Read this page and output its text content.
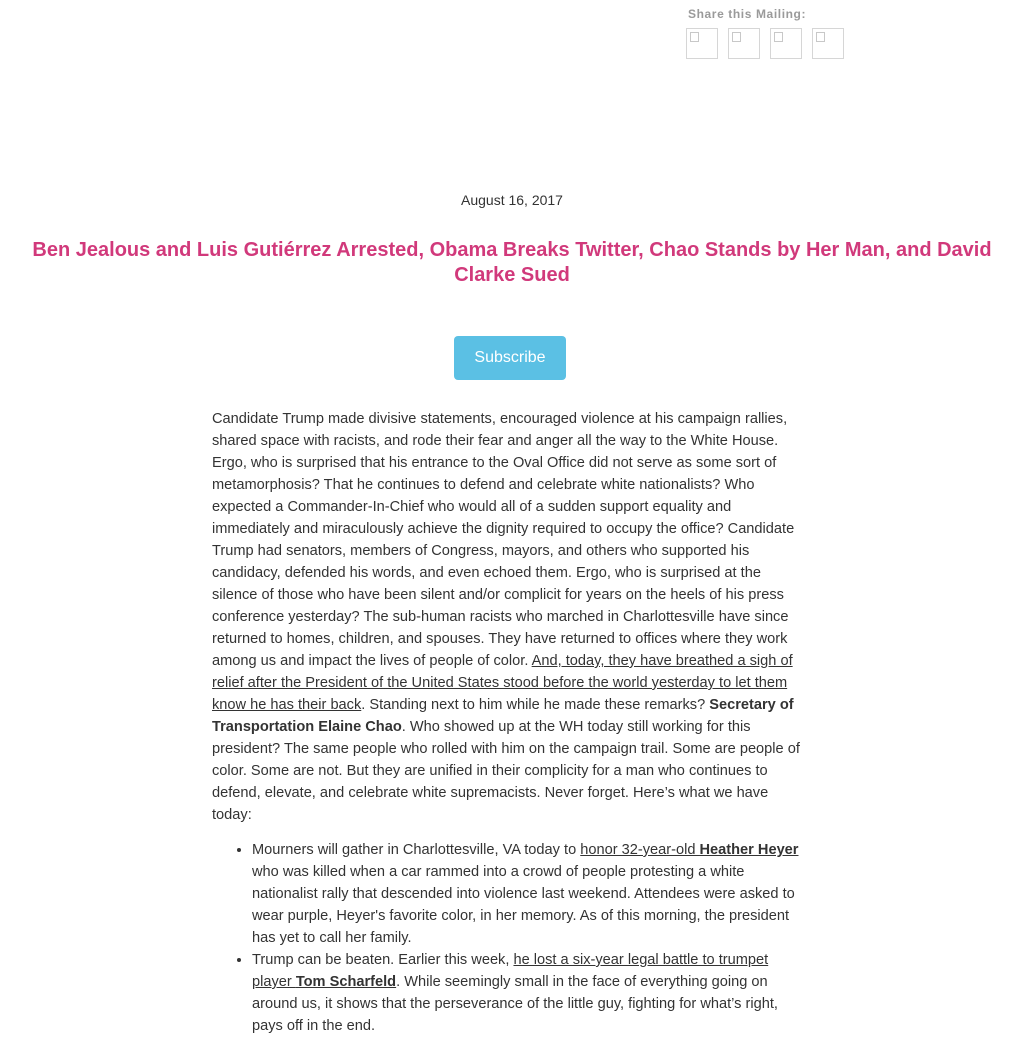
Share this Mailing:
August 16, 2017
Ben Jealous and Luis Gutiérrez Arrested, Obama Breaks Twitter, Chao Stands by Her Man, and David Clarke Sued
Subscribe

Candidate Trump made divisive statements, encouraged violence at his campaign rallies, shared space with racists, and rode their fear and anger all the way to the White House. Ergo, who is surprised that his entrance to the Oval Office did not serve as some sort of metamorphosis? That he continues to defend and celebrate white nationalists? Who expected a Commander-In-Chief who would all of a sudden support equality and immediately and miraculously achieve the dignity required to occupy the office? Candidate Trump had senators, members of Congress, mayors, and others who supported his candidacy, defended his words, and even echoed them. Ergo, who is surprised at the silence of those who have been silent and/or complicit for years on the heels of his press conference yesterday? The sub-human racists who marched in Charlottesville have since returned to homes, children, and spouses. They have returned to offices where they work among us and impact the lives of people of color. And, today, they have breathed a sigh of relief after the President of the United States stood before the world yesterday to let them know he has their back. Standing next to him while he made these remarks? Secretary of Transportation Elaine Chao. Who showed up at the WH today still working for this president? The same people who rolled with him on the campaign trail. Some are people of color. Some are not. But they are unified in their complicity for a man who continues to defend, elevate, and celebrate white supremacists. Never forget. Here’s what we have today:

• Mourners will gather in Charlottesville, VA today to honor 32-year-old Heather Heyer who was killed when a car rammed into a crowd of people protesting a white nationalist rally that descended into violence last weekend. Attendees were asked to wear purple, Heyer's favorite color, in her memory. As of this morning, the president has yet to call her family.
• Trump can be beaten. Earlier this week, he lost a six-year legal battle to trumpet player Tom Scharfeld. While seemingly small in the face of everything going on around us, it shows that the perseverance of the little guy, fighting for what’s right, pays off in the end.
